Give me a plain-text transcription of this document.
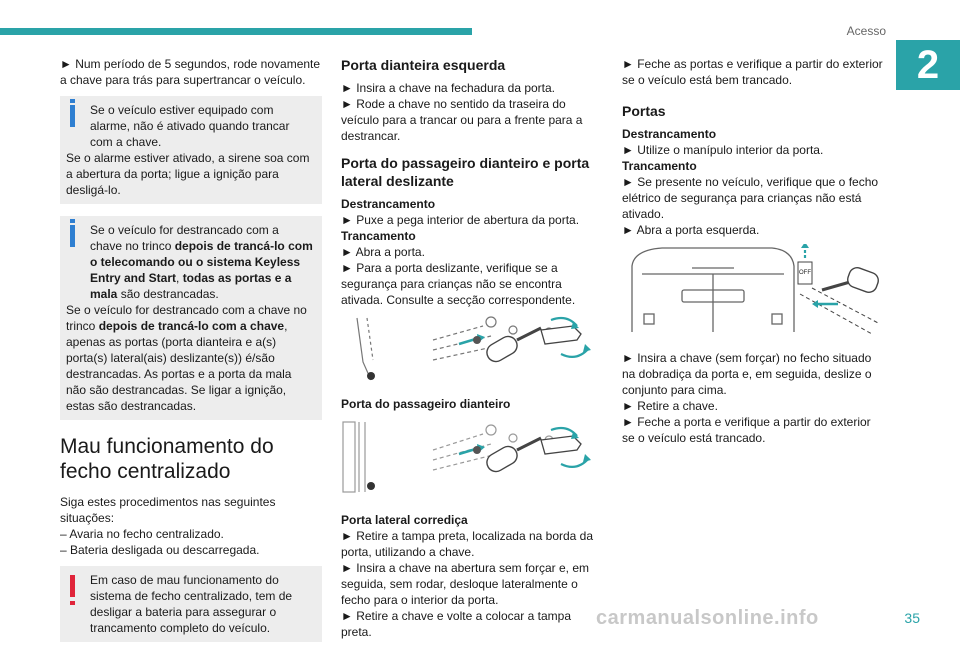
Acesso
2

► Num período de 5 segundos, rode novamente a chave para trás para supertrancar o veículo.

Se o veículo estiver equipado com alarme, não é ativado quando trancar com a chave.

Se o alarme estiver ativado, a sirene soa com a abertura da porta; ligue a ignição para desligá-lo.

Se o veículo for destrancado com a chave no trinco depois de trancá-lo com o telecomando ou o sistema Keyless Entry and Start, todas as portas e a mala são destrancadas.

Se o veículo for destrancado com a chave no trinco depois de trancá-lo com a chave, apenas as portas (porta dianteira e a(s) porta(s) lateral(ais) deslizante(s)) é/são destrancadas. As portas e a porta da mala não são destrancadas. Se ligar a ignição, estas são destrancadas.

Mau funcionamento do fecho centralizado

Siga estes procedimentos nas seguintes situações:

– Avaria no fecho centralizado.

– Bateria desligada ou descarregada.

Em caso de mau funcionamento do sistema de fecho centralizado, tem de desligar a bateria para assegurar o trancamento completo do veículo.

Porta dianteira esquerda

► Insira a chave na fechadura da porta.

► Rode a chave no sentido da traseira do veículo para a trancar ou para a frente para a destrancar.

Porta do passageiro dianteiro e porta lateral deslizante

Destrancamento

► Puxe a pega interior de abertura da porta.

Trancamento

► Abra a porta.

► Para a porta deslizante, verifique se a segurança para crianças não se encontra ativada. Consulte a secção correspondente.

Porta do passageiro dianteiro

Porta lateral corrediça

► Retire a tampa preta, localizada na borda da porta, utilizando a chave.

► Insira a chave na abertura sem forçar e, em seguida, sem rodar, desloque lateralmente o fecho para o interior da porta.

► Retire a chave e volte a colocar a tampa preta.

► Feche as portas e verifique a partir do exterior se o veículo está bem trancado.

Portas

Destrancamento

► Utilize o manípulo interior da porta.

Trancamento

► Se presente no veículo, verifique que o fecho elétrico de segurança para crianças não está ativado.

► Abra a porta esquerda.

OFF

► Insira a chave (sem forçar) no fecho situado na dobradiça da porta e, em seguida, deslize o conjunto para cima.

► Retire a chave.

► Feche a porta e verifique a partir do exterior se o veículo está trancado.

carmanualsonline.info	35
